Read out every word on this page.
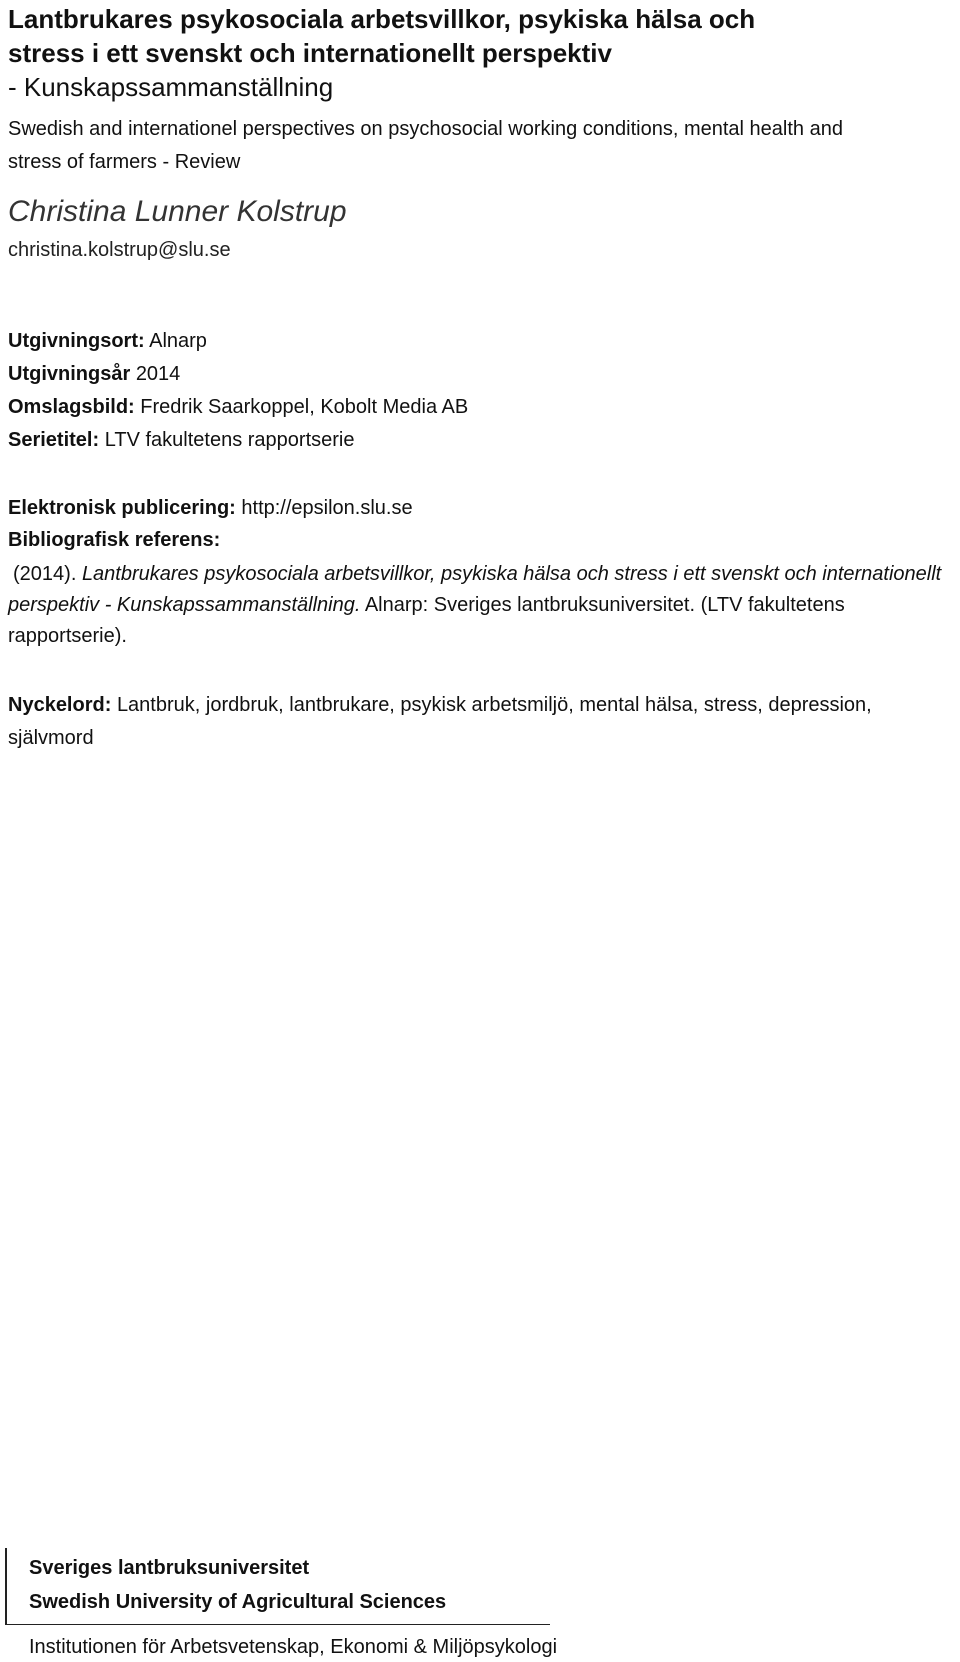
Lantbrukares psykosociala arbetsvillkor, psykiska hälsa och
stress i ett svenskt och internationellt perspektiv
- Kunskapssammanställning

Swedish and internationel perspectives on psychosocial working conditions, mental health and
stress of farmers - Review

Christina Lunner Kolstrup
christina.kolstrup@slu.se
Utgivningsort: Alnarp
Utgivningsår 2014
Omslagsbild: Fredrik Saarkoppel, Kobolt Media AB
Serietitel: LTV fakultetens rapportserie
Elektronisk publicering: http://epsilon.slu.se
Bibliografisk referens:

(2014). Lantbrukares psykosociala arbetsvillkor, psykiska hälsa och stress i ett svenskt och internationellt perspektiv - Kunskapssammanställning. Alnarp: Sveriges lantbruksuniversitet. (LTV fakultetens rapportserie).

Nyckelord: Lantbruk, jordbruk, lantbrukare, psykisk arbetsmiljö, mental hälsa, stress, depression, självmord

Sveriges lantbruksuniversitet
Swedish University of Agricultural Sciences
Institutionen för Arbetsvetenskap, Ekonomi & Miljöpsykologi
